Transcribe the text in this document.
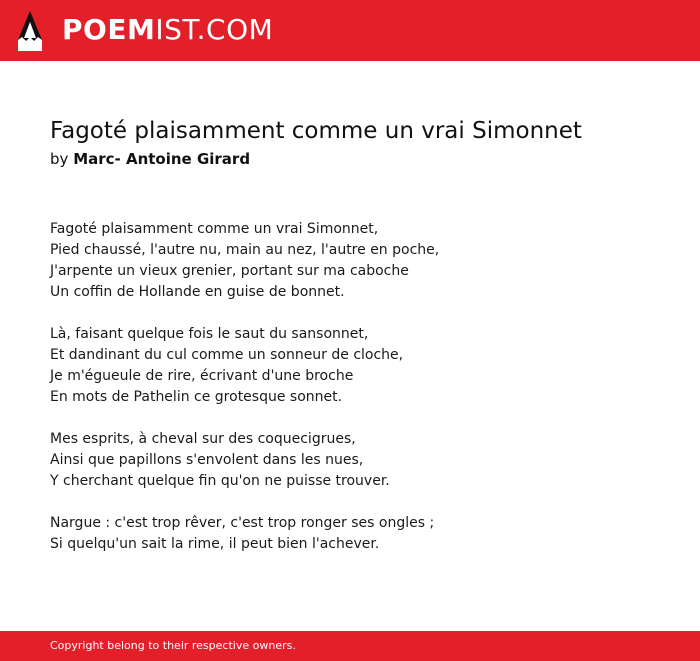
POEMIST.COM
Fagoté plaisamment comme un vrai Simonnet
by Marc- Antoine Girard
Fagoté plaisamment comme un vrai Simonnet,
Pied chaussé, l'autre nu, main au nez, l'autre en poche,
J'arpente un vieux grenier, portant sur ma caboche
Un coffin de Hollande en guise de bonnet.
Là, faisant quelque fois le saut du sansonnet,
Et dandinant du cul comme un sonneur de cloche,
Je m'égueule de rire, écrivant d'une broche
En mots de Pathelin ce grotesque sonnet.
Mes esprits, à cheval sur des coquecigrues,
Ainsi que papillons s'envolent dans les nues,
Y cherchant quelque fin qu'on ne puisse trouver.
Nargue : c'est trop rêver, c'est trop ronger ses ongles ;
Si quelqu'un sait la rime, il peut bien l'achever.
Copyright belong to their respective owners.
